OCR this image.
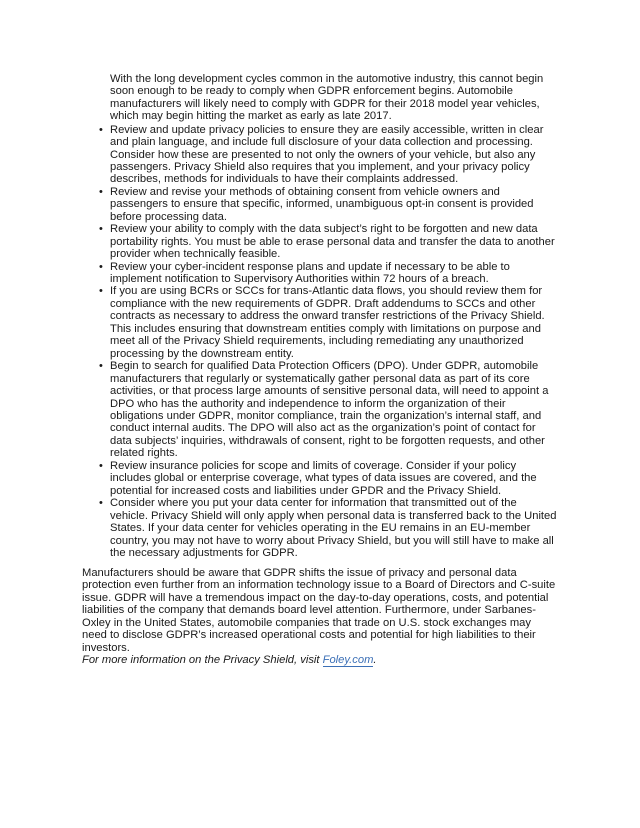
With the long development cycles common in the automotive industry, this cannot begin soon enough to be ready to comply when GDPR enforcement begins. Automobile manufacturers will likely need to comply with GDPR for their 2018 model year vehicles, which may begin hitting the market as early as late 2017.

• Review and update privacy policies to ensure they are easily accessible, written in clear and plain language, and include full disclosure of your data collection and processing. Consider how these are presented to not only the owners of your vehicle, but also any passengers. Privacy Shield also requires that you implement, and your privacy policy describes, methods for individuals to have their complaints addressed.
• Review and revise your methods of obtaining consent from vehicle owners and passengers to ensure that specific, informed, unambiguous opt-in consent is provided before processing data.
• Review your ability to comply with the data subject’s right to be forgotten and new data portability rights. You must be able to erase personal data and transfer the data to another provider when technically feasible.
• Review your cyber-incident response plans and update if necessary to be able to implement notification to Supervisory Authorities within 72 hours of a breach.
• If you are using BCRs or SCCs for trans-Atlantic data flows, you should review them for compliance with the new requirements of GDPR. Draft addendums to SCCs and other contracts as necessary to address the onward transfer restrictions of the Privacy Shield. This includes ensuring that downstream entities comply with limitations on purpose and meet all of the Privacy Shield requirements, including remediating any unauthorized processing by the downstream entity.
• Begin to search for qualified Data Protection Officers (DPO). Under GDPR, automobile manufacturers that regularly or systematically gather personal data as part of its core activities, or that process large amounts of sensitive personal data, will need to appoint a DPO who has the authority and independence to inform the organization of their obligations under GDPR, monitor compliance, train the organization’s internal staff, and conduct internal audits. The DPO will also act as the organization’s point of contact for data subjects’ inquiries, withdrawals of consent, right to be forgotten requests, and other related rights.
• Review insurance policies for scope and limits of coverage. Consider if your policy includes global or enterprise coverage, what types of data issues are covered, and the potential for increased costs and liabilities under GPDR and the Privacy Shield.
• Consider where you put your data center for information that transmitted out of the vehicle. Privacy Shield will only apply when personal data is transferred back to the United States. If your data center for vehicles operating in the EU remains in an EU-member country, you may not have to worry about Privacy Shield, but you will still have to make all the necessary adjustments for GDPR.

Manufacturers should be aware that GDPR shifts the issue of privacy and personal data protection even further from an information technology issue to a Board of Directors and C-suite issue. GDPR will have a tremendous impact on the day-to-day operations, costs, and potential liabilities of the company that demands board level attention. Furthermore, under Sarbanes-Oxley in the United States, automobile companies that trade on U.S. stock exchanges may need to disclose GDPR’s increased operational costs and potential for high liabilities to their investors.

For more information on the Privacy Shield, visit Foley.com.
